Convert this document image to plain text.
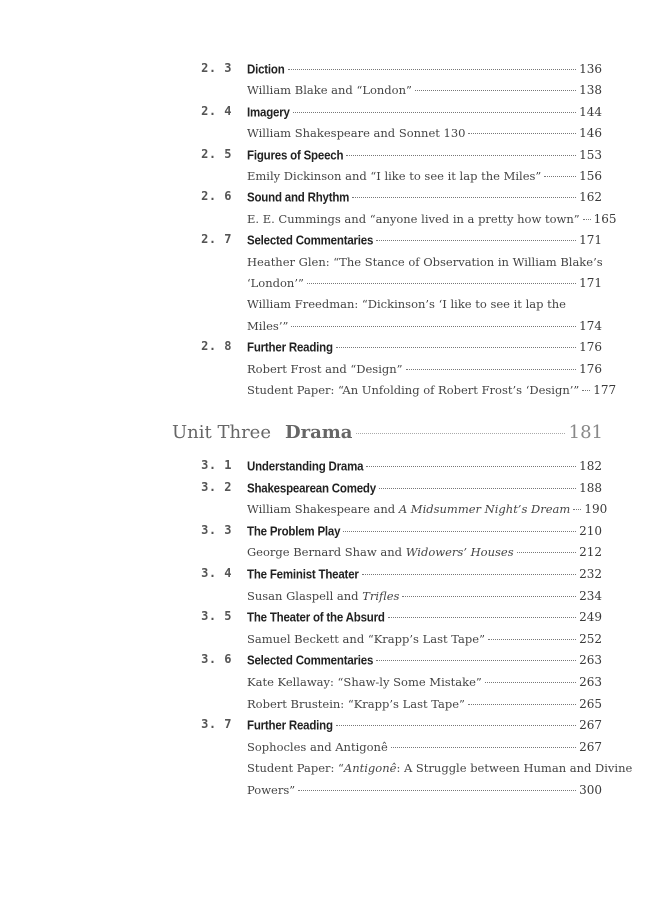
2. 3 Diction	136
William Blake and “London”	138
2. 4 Imagery	144
William Shakespeare and Sonnet 130	146
2. 5 Figures of Speech	153
Emily Dickinson and “I like to see it lap the Miles”	156
2. 6 Sound and Rhythm	162
E. E. Cummings and “anyone lived in a pretty how town” 165
2. 7 Selected Commentaries	171
Heather Glen: “The Stance of Observation in William Blake’s
‘London’”	171
William Freedman: “Dickinson’s ‘I like to see it lap the
Miles’”	174
2. 8 Further Reading	176
Robert Frost and “Design”	176
Student Paper: “An Unfolding of Robert Frost’s ‘Design’” 177
Unit Three Drama	181
3. 1 Understanding Drama	182
3. 2 Shakespearean Comedy	188
William Shakespeare and A Midsummer Night’s Dream 190
3. 3 The Problem Play	210
George Bernard Shaw and Widowers’ Houses	212
3. 4 The Feminist Theater	232
Susan Glaspell and Trifles	234
3. 5 The Theater of the Absurd	249
Samuel Beckett and “Krapp’s Last Tape”	252
3. 6 Selected Commentaries	263
Kate Kellaway: “Shaw-ly Some Mistake”	263
Robert Brustein: “Krapp’s Last Tape”	265
3. 7 Further Reading	267
Sophocles and Antigonê	267
Student Paper: “Antigonê: A Struggle between Human and Divine
Powers”	300
